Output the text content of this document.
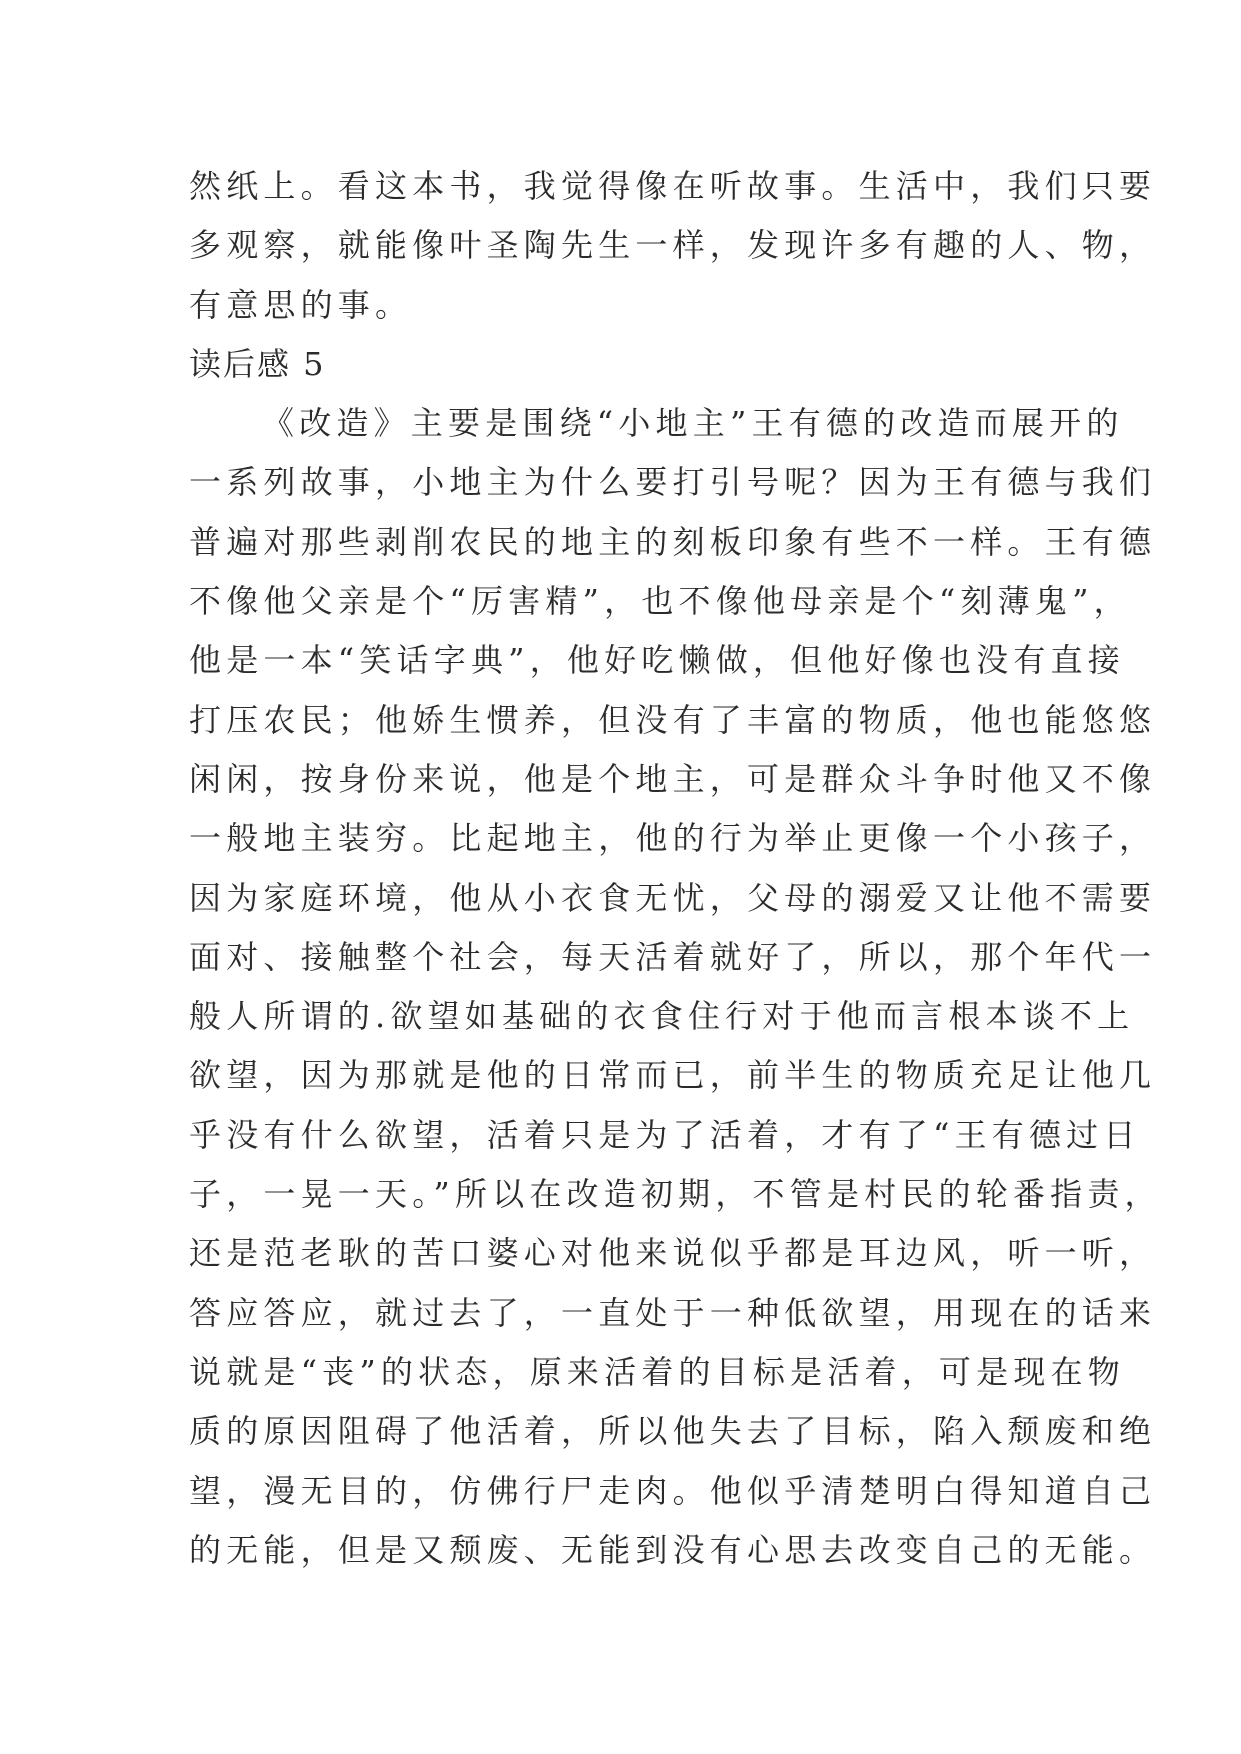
然纸上。看这本书，我觉得像在听故事。生活中，我们只要
多观察，就能像叶圣陶先生一样，发现许多有趣的人、物，
有意思的事。
读后感 5
《改造》主要是围绕“小地主”王有德的改造而展开的
一系列故事，小地主为什么要打引号呢？因为王有德与我们
普遍对那些剥削农民的地主的刻板印象有些不一样。王有德
不像他父亲是个“厉害精”，也不像他母亲是个“刻薄鬼”，
他是一本“笑话字典”，他好吃懒做，但他好像也没有直接
打压农民；他娇生惯养，但没有了丰富的物质，他也能悠悠
闲闲，按身份来说，他是个地主，可是群众斗争时他又不像
一般地主装穷。比起地主，他的行为举止更像一个小孩子，
因为家庭环境，他从小衣食无忧，父母的溺爱又让他不需要
面对、接触整个社会，每天活着就好了，所以，那个年代一
般人所谓的.欲望如基础的衣食住行对于他而言根本谈不上
欲望，因为那就是他的日常而已，前半生的物质充足让他几
乎没有什么欲望，活着只是为了活着，才有了“王有德过日
子，一晃一天。”所以在改造初期，不管是村民的轮番指责，
还是范老耿的苦口婆心对他来说似乎都是耳边风，听一听，
答应答应，就过去了，一直处于一种低欲望，用现在的话来
说就是“丧”的状态，原来活着的目标是活着，可是现在物
质的原因阻碍了他活着，所以他失去了目标，陷入颓废和绝
望，漫无目的，仿佛行尸走肉。他似乎清楚明白得知道自己
的无能，但是又颓废、无能到没有心思去改变自己的无能。
